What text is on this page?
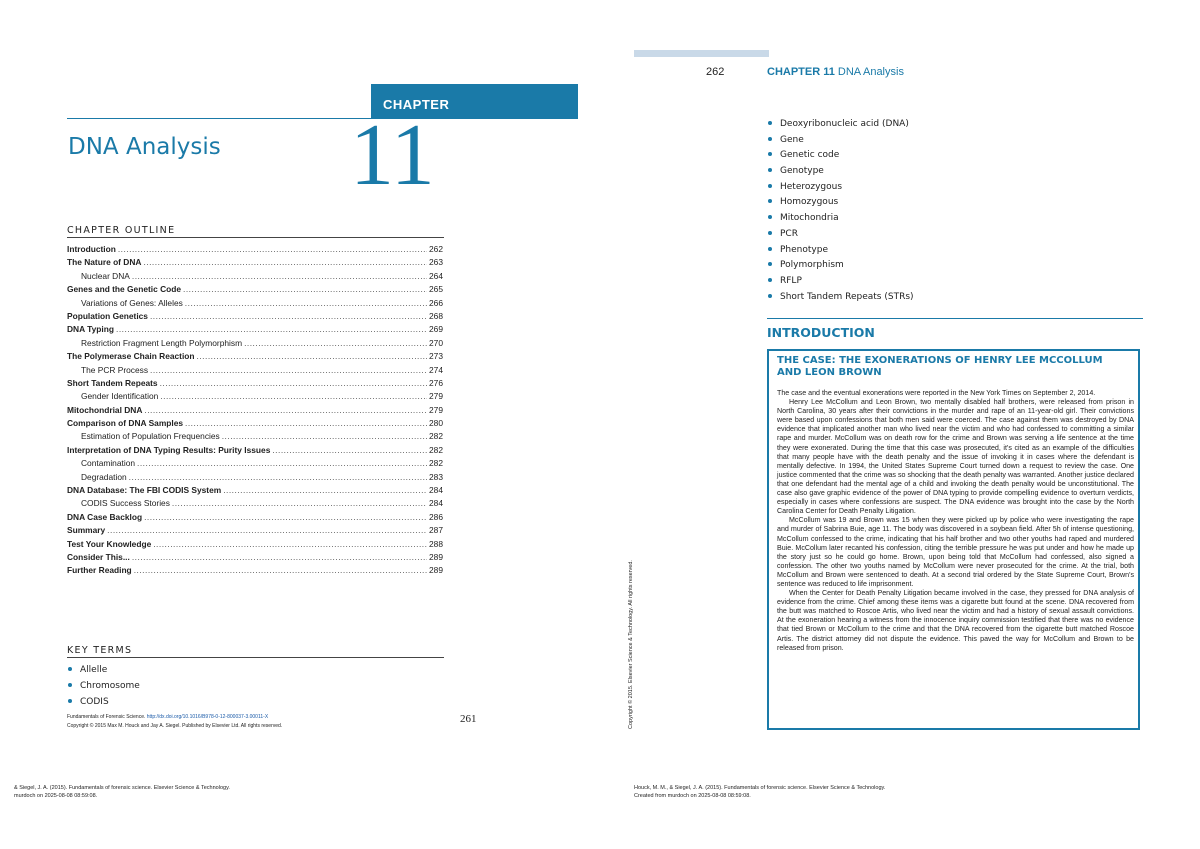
CHAPTER
DNA Analysis 11
CHAPTER OUTLINE
Introduction .....	262
The Nature of DNA .....	263
Nuclear DNA .....	264
Genes and the Genetic Code .....	265
Variations of Genes: Alleles .....	266
Population Genetics .....	268
DNA Typing .....	269
Restriction Fragment Length Polymorphism .....	270
The Polymerase Chain Reaction .....	273
The PCR Process .....	274
Short Tandem Repeats .....	276
Gender Identification .....	279
Mitochondrial DNA .....	279
Comparison of DNA Samples .....	280
Estimation of Population Frequencies .....	282
Interpretation of DNA Typing Results: Purity Issues .....	282
Contamination .....	282
Degradation .....	283
DNA Database: The FBI CODIS System .....	284
CODIS Success Stories .....	284
DNA Case Backlog .....	286
Summary .....	287
Test Your Knowledge .....	288
Consider This... .....	289
Further Reading .....	289
KEY TERMS
Allelle
Chromosome
CODIS
Fundamentals of Forensic Science. http://dx.doi.org/10.1016/B978-0-12-800037-3.00011-X
Copyright © 2015 Max M. Houck and Jay A. Siegel. Published by Elsevier Ltd. All rights reserved.
261
& Siegel, J. A. (2015). Fundamentals of forensic science. Elsevier Science & Technology.
murdoch on 2025-08-08 08:59:08.
Copyright © 2015. Elsevier Science & Technology. All rights reserved.
262	CHAPTER 11 DNA Analysis
Deoxyribonucleic acid (DNA)
Gene
Genetic code
Genotype
Heterozygous
Homozygous
Mitochondria
PCR
Phenotype
Polymorphism
RFLP
Short Tandem Repeats (STRs)
INTRODUCTION
THE CASE: THE EXONERATIONS OF HENRY LEE MCCOLLUM AND LEON BROWN

The case and the eventual exonerations were reported in the New York Times on September 2, 2014.

Henry Lee McCollum and Leon Brown, two mentally disabled half brothers, were released from prison in North Carolina, 30 years after their convictions in the murder and rape of an 11-year-old girl. Their convictions were based upon confessions that both men said were coerced. The case against them was destroyed by DNA evidence that implicated another man who lived near the victim and who had confessed to committing a similar rape and murder. McCollum was on death row for the crime and Brown was serving a life sentence at the time they were exonerated. During the time that this case was prosecuted, it's cited as an example of the difficulties that many people have with the death penalty and the issue of invoking it in cases where the defendant is mentally defective. In 1994, the United States Supreme Court turned down a request to review the case. One justice commented that the crime was so shocking that the death penalty was warranted. Another justice declared that one defendant had the mental age of a child and invoking the death penalty would be unconstitutional. The case also gave graphic evidence of the power of DNA typing to provide compelling evidence to overturn verdicts, especially in cases where confessions are suspect. The DNA evidence was brought into the case by the North Carolina Center for Death Penalty Litigation.

McCollum was 19 and Brown was 15 when they were picked up by police who were investigating the rape and murder of Sabrina Buie, age 11. The body was discovered in a soybean field. After 5h of intense questioning, McCollum confessed to the crime, indicating that his half brother and two other youths had raped and murdered Buie. McCollum later recanted his confession, citing the terrible pressure he was put under and how he made up the story just so he could go home. Brown, upon being told that McCollum had confessed, also signed a confession. The other two youths named by McCollum were never prosecuted for the crime. At the trial, both McCollum and Brown were sentenced to death. At a second trial ordered by the State Supreme Court, Brown's sentence was reduced to life imprisonment.

When the Center for Death Penalty Litigation became involved in the case, they pressed for DNA analysis of evidence from the crime. Chief among these items was a cigarette butt found at the scene. DNA recovered from the butt was matched to Roscoe Artis, who lived near the victim and had a history of sexual assault convictions. At the exoneration hearing a witness from the innocence inquiry commission testified that there was no evidence that tied Brown or McCollum to the crime and that the DNA recovered from the cigarette butt matched Roscoe Artis. The district attorney did not dispute the evidence. This paved the way for McCollum and Brown to be released from prison.

Houck, M. M., & Siegel, J. A. (2015). Fundamentals of forensic science. Elsevier Science & Technology.
Created from murdoch on 2025-08-08 08:59:08.
